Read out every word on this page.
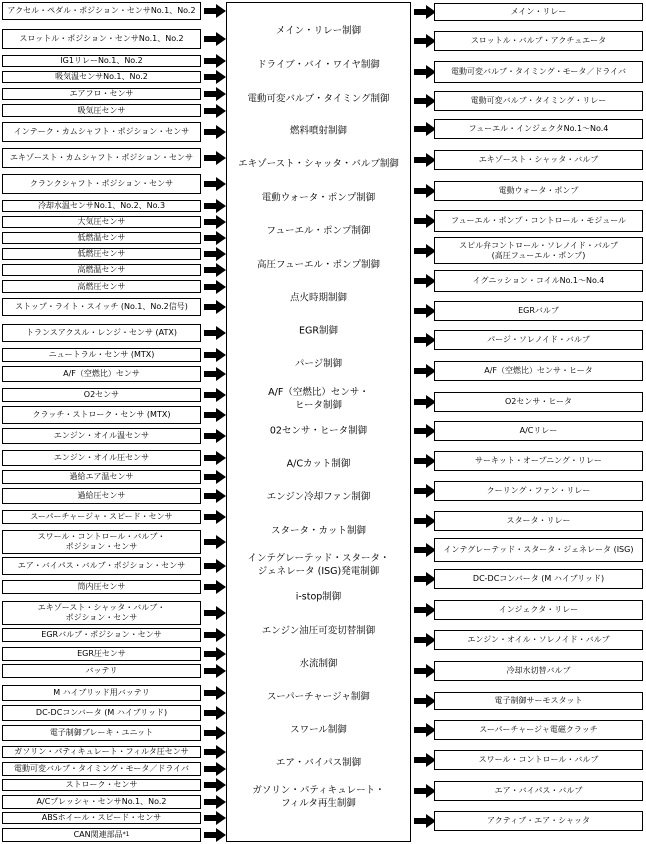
アクセル・ペダル・ポジション・センサNo.1、No.2
スロットル・ポジション・センサNo.1、No.2
IG1リレーNo.1、No.2
吸気温センサNo.1、No.2
エアフロ・センサ
吸気圧センサ
インテーク・カムシャフト・ポジション・センサ
エキゾースト・カムシャフト・ポジション・センサ
クランクシャフト・ポジション・センサ
冷却水温センサNo.1、No.2、No.3
大気圧センサ
低燃温センサ
低燃圧センサ
高燃温センサ
高燃圧センサ
ストップ・ライト・スイッチ (No.1、No.2信号)
トランスアクスル・レンジ・センサ (ATX)
ニュートラル・センサ (MTX)
A/F（空燃比）センサ
O2センサ
クラッチ・ストローク・センサ (MTX)
エンジン・オイル温センサ
エンジン・オイル圧センサ
過給エア温センサ
過給圧センサ
スーパーチャージャ・スピード・センサ
スワール・コントロール・バルブ・
ポジション・センサ
エア・バイパス・バルブ・ポジション・センサ
筒内圧センサ
エキゾースト・シャッタ・バルブ・
ポジション・センサ
EGRバルブ・ポジション・センサ
EGR圧センサ
バッテリ
M ハイブリッド用バッテリ
DC-DCコンバータ (M ハイブリッド)
電子制御ブレーキ・ユニット
ガソリン・パティキュレート・フィルタ圧センサ
電動可変バルブ・タイミング・モータ／ドライバ
ストローク・センサ
A/Cプレッシャ・センサNo.1、No.2
ABSホイール・スピード・センサ
CAN関連部品 *1
メイン・リレー制御
ドライブ・バイ・ワイヤ制御
電動可変バルブ・タイミング制御
燃料噴射制御
エキゾースト・シャッタ・バルブ制御
電動ウォータ・ポンプ制御
フューエル・ポンプ制御
高圧フューエル・ポンプ制御
点火時期制御
EGR制御
パージ制御
A/F（空燃比）センサ・
ヒータ制御
02センサ・ヒータ制御
A/Cカット制御
エンジン冷却ファン制御
スタータ・カット制御
インテグレーテッド・スタータ・
ジェネレータ (ISG)発電制御
i-stop制御
エンジン油圧可変切替制御
水流制御
スーパーチャージャ制御
スワール制御
エア・バイパス制御
ガソリン・パティキュレート・
フィルタ再生制御
メイン・リレー
スロットル・バルブ・アクチュエータ
電動可変バルブ・タイミング・モータ／ドライバ
電動可変バルブ・タイミング・リレー
フューエル・インジェクタNo.1〜No.4
エキゾースト・シャッタ・バルブ
電動ウォータ・ポンプ
フューエル・ポンプ・コントロール・モジュール
スピル弁コントロール・ソレノイド・バルブ
(高圧フューエル・ポンプ)
イグニッション・コイルNo.1〜No.4
EGRバルブ
パージ・ソレノイド・バルブ
A/F（空燃比）センサ・ヒータ
O2センサ・ヒータ
A/Cリレー
サーキット・オープニング・リレー
クーリング・ファン・リレー
スタータ・リレー
インテグレーテッド・スタータ・ジェネレータ (ISG)
DC-DCコンバータ (M ハイブリッド)
インジェクタ・リレー
エンジン・オイル・ソレノイド・バルブ
冷却水切替バルブ
電子制御サーモスタット
スーパーチャージャ電磁クラッチ
スワール・コントロール・バルブ
エア・バイパス・バルブ
アクティブ・エア・シャッタ
